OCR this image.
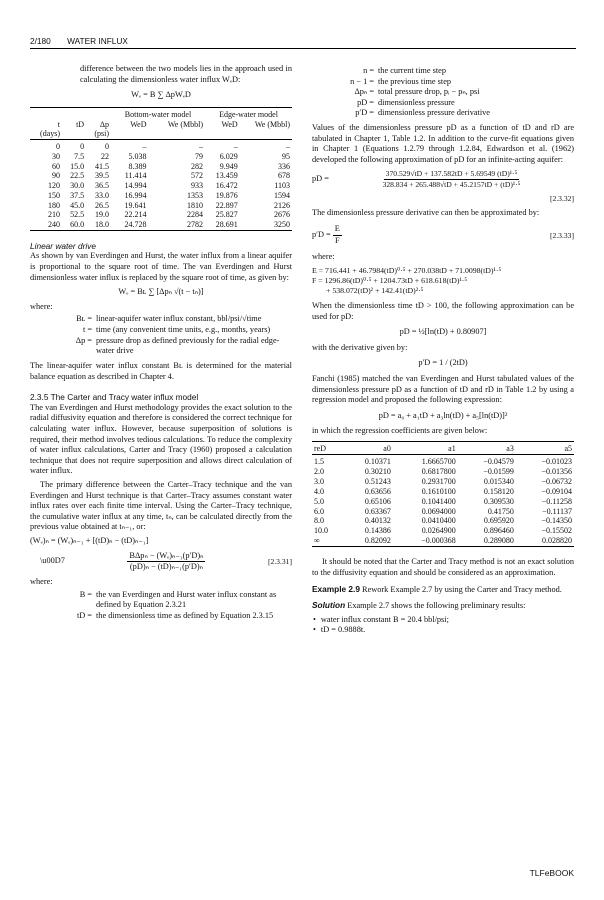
2/180 WATER INFLUX

difference between the two models lies in the approach used in calculating the dimensionless water influx WₑD:

Wₑ = B ∑ ΔpWₑD

			Bottom-water model		Edge-water model	
t	tD	Δp	WeD	We (Mbbl)	WeD	We (Mbbl)
(days)		(psi)				

0	0	0	–	–	–	–
30	7.5	22	5.038	79	6.029	95
60	15.0	41.5	8.389	282	9.949	336
90	22.5	39.5	11.414	572	13.459	678
120	30.0	36.5	14.994	933	16.472	1103
150	37.5	33.0	16.994	1353	19.876	1594
180	45.0	26.5	19.641	1810	22.897	2126
210	52.5	19.0	22.214	2284	25.827	2676
240	60.0	18.0	24.728	2782	28.691	3250

Linear water drive

As shown by van Everdingen and Hurst, the water influx from a linear aquifer is proportional to the square root of time. The van Everdingen and Hurst dimensionless water influx is replaced by the square root of time, as given by:

Wₑ = Bʟ ∑ [Δpₙ √(t − tₙ)]
where:
Bʟ = linear-aquifer water influx constant, bbl/psi/√time
t = time (any convenient time units, e.g., months, years)
Δp = pressure drop as defined previously for the radial edge-water drive

The linear-aquifer water influx constant Bʟ is determined for the material balance equation as described in Chapter 4.

2.3.5 The Carter and Tracy water influx model

The van Everdingen and Hurst methodology provides the exact solution to the radial diffusivity equation and therefore is considered the correct technique for calculating water influx. However, because superposition of solutions is required, their method involves tedious calculations. To reduce the complexity of water influx calculations, Carter and Tracy (1960) proposed a calculation technique that does not require superposition and allows direct calculation of water influx.

The primary difference between the Carter–Tracy technique and the van Everdingen and Hurst technique is that Carter–Tracy assumes constant water influx rates over each finite time interval. Using the Carter–Tracy technique, the cumulative water influx at any time, tₙ, can be calculated directly from the previous value obtained at tₙ₋₁, or:

(Wₑ)ₙ = (Wₑ)ₙ₋₁ + [(tD)ₙ − (tD)ₙ₋₁]
\u00D7	$\frac{\text{BΔpₙ − (Wₑ)ₙ₋₁(p′D)ₙ}}{\text{(pD)ₙ − (tD)ₙ₋₁(p′D)ₙ}}$	[2.3.31]
where:
B = the van Everdingen and Hurst water influx constant as defined by Equation 2.3.21
tD = the dimensionless time as defined by Equation 2.3.15
n = the current time step
n − 1 = the previous time step
Δpₙ = total pressure drop, pᵢ − pₙ, psi
pD = dimensionless pressure
p′D = dimensionless pressure derivative

Values of the dimensionless pressure pD as a function of tD and rD are tabulated in Chapter 1, Table 1.2. In addition to the curve-fit equations given in Chapter 1 (Equations 1.2.79 through 1.2.84, Edwardson et al. (1962) developed the following approximation of pD for an infinite-acting aquifer:

pD =	$\frac{\text{370.529√tD + 137.582tD + 5.69549 (tD)¹·⁵}}{\text{328.834 + 265.488√tD + 45.2157tD + (tD)¹·⁵}}$
[2.3.32]

The dimensionless pressure derivative can then be approximated by:

$p'D = \frac{E}{F}$	[2.3.33]
where:
E = 716.441 + 46.7984(tD)⁰·⁵ + 270.038tD + 71.0098(tD)¹·⁵
F = 1296.86(tD)⁰·⁵ + 1204.73tD + 618.618(tD)¹·⁵
+ 538.072(tD)² + 142.41(tD)²·⁵

When the dimensionless time tD > 100, the following approximation can be used for pD:

pD = ½[ln(tD) + 0.80907]

with the derivative given by:

p′D = 1 / (2tD)

Fanchi (1985) matched the van Everdingen and Hurst tabulated values of the dimensionless pressure pD as a function of tD and rD in Table 1.2 by using a regression model and proposed the following expression:

pD = a₀ + a₁tD + a₃ln(tD) + a₅[ln(tD)]²

in which the regression coefficients are given below:

reD	a0	a1	a3	a5

1.5	0.10371	1.6665700	−0.04579	−0.01023
2.0	0.30210	0.6817800	−0.01599	−0.01356
3.0	0.51243	0.2931700	0.015340	−0.06732
4.0	0.63656	0.1610100	0.158120	−0.09104
5.0	0.65106	0.1041400	0.309530	−0.11258
6.0	0.63367	0.0694000	0.41750	−0.11137
8.0	0.40132	0.0410400	0.695920	−0.14350
10.0	0.14386	0.0264900	0.896460	−0.15502
∞	0.82092	−0.000368	0.289080	0.028820

It should be noted that the Carter and Tracy method is not an exact solution to the diffusivity equation and should be considered as an approximation.

Example 2.9 Rework Example 2.7 by using the Carter and Tracy method.

Solution Example 2.7 shows the following preliminary results:

• water influx constant B = 20.4 bbl/psi;
• tD = 0.9888t.
TLFeBOOK
